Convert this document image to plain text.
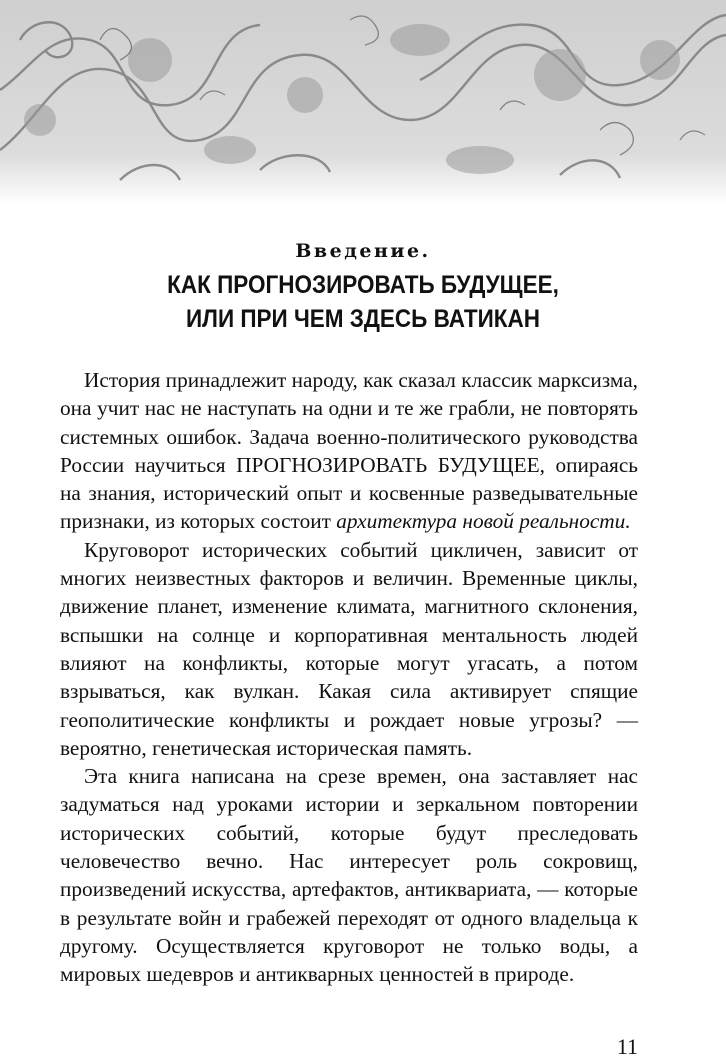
Введение.
КАК ПРОГНОЗИРОВАТЬ БУДУЩЕЕ,
ИЛИ ПРИ ЧЕМ ЗДЕСЬ ВАТИКАН

История принадлежит народу, как сказал классик марксизма, она учит нас не наступать на одни и те же грабли, не повторять системных ошибок. Задача военно-политического руководства России научиться ПРОГНОЗИРОВАТЬ БУДУЩЕЕ, опираясь на знания, исторический опыт и косвенные разведывательные признаки, из которых состоит архитектура новой реальности.

Круговорот исторических событий цикличен, зависит от многих неизвестных факторов и величин. Временные циклы, движение планет, изменение климата, магнитного склонения, вспышки на солнце и корпоративная ментальность людей влияют на конфликты, которые могут угасать, а потом взрываться, как вулкан. Какая сила активирует спящие геополитические конфликты и рождает новые угрозы? — вероятно, генетическая историческая память.

Эта книга написана на срезе времен, она заставляет нас задуматься над уроками истории и зеркальном повторении исторических событий, которые будут преследовать человечество вечно. Нас интересует роль сокровищ, произведений искусства, артефактов, антиквариата, — которые в результате войн и грабежей переходят от одного владельца к другому. Осуществляется круговорот не только воды, а мировых шедевров и антикварных ценностей в природе.

11
